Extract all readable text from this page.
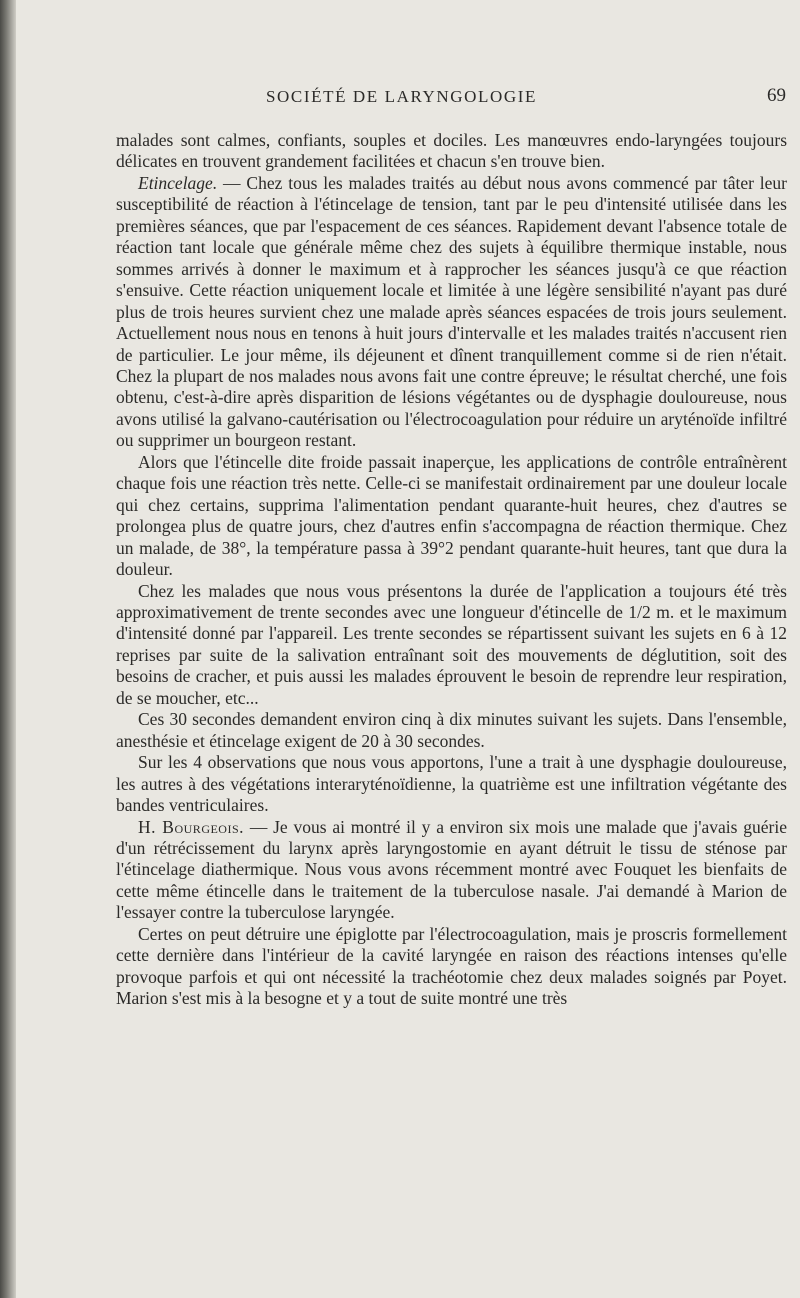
SOCIÉTÉ DE LARYNGOLOGIE	69

malades sont calmes, confiants, souples et dociles. Les manœuvres endo-laryngées toujours délicates en trouvent grandement facilitées et chacun s'en trouve bien.

Etincelage. — Chez tous les malades traités au début nous avons commencé par tâter leur susceptibilité de réaction à l'étincelage de tension, tant par le peu d'intensité utilisée dans les premières séances, que par l'espacement de ces séances. Rapidement devant l'absence totale de réaction tant locale que générale même chez des sujets à équilibre thermique instable, nous sommes arrivés à donner le maximum et à rapprocher les séances jusqu'à ce que réaction s'ensuive. Cette réaction uniquement locale et limitée à une légère sensibilité n'ayant pas duré plus de trois heures survient chez une malade après séances espacées de trois jours seulement. Actuellement nous nous en tenons à huit jours d'intervalle et les malades traités n'accusent rien de particulier. Le jour même, ils déjeunent et dînent tranquillement comme si de rien n'était. Chez la plupart de nos malades nous avons fait une contre épreuve; le résultat cherché, une fois obtenu, c'est-à-dire après disparition de lésions végétantes ou de dysphagie douloureuse, nous avons utilisé la galvano-cautérisation ou l'électrocoagulation pour réduire un aryténoïde infiltré ou supprimer un bourgeon restant.

Alors que l'étincelle dite froide passait inaperçue, les applications de contrôle entraînèrent chaque fois une réaction très nette. Celle-ci se manifestait ordinairement par une douleur locale qui chez certains, supprima l'alimentation pendant quarante-huit heures, chez d'autres se prolongea plus de quatre jours, chez d'autres enfin s'accompagna de réaction thermique. Chez un malade, de 38°, la température passa à 39°2 pendant quarante-huit heures, tant que dura la douleur.

Chez les malades que nous vous présentons la durée de l'application a toujours été très approximativement de trente secondes avec une longueur d'étincelle de 1/2 m. et le maximum d'intensité donné par l'appareil. Les trente secondes se répartissent suivant les sujets en 6 à 12 reprises par suite de la salivation entraînant soit des mouvements de déglutition, soit des besoins de cracher, et puis aussi les malades éprouvent le besoin de reprendre leur respiration, de se moucher, etc...

Ces 30 secondes demandent environ cinq à dix minutes suivant les sujets. Dans l'ensemble, anesthésie et étincelage exigent de 20 à 30 secondes.

Sur les 4 observations que nous vous apportons, l'une a trait à une dysphagie douloureuse, les autres à des végétations interaryténoïdienne, la quatrième est une infiltration végétante des bandes ventriculaires.

H. Bourgeois. — Je vous ai montré il y a environ six mois une malade que j'avais guérie d'un rétrécissement du larynx après laryngostomie en ayant détruit le tissu de sténose par l'étincelage diathermique. Nous vous avons récemment montré avec Fouquet les bienfaits de cette même étincelle dans le traitement de la tuberculose nasale. J'ai demandé à Marion de l'essayer contre la tuberculose laryngée.

Certes on peut détruire une épiglotte par l'électrocoagulation, mais je proscris formellement cette dernière dans l'intérieur de la cavité laryngée en raison des réactions intenses qu'elle provoque parfois et qui ont nécessité la trachéotomie chez deux malades soignés par Poyet. Marion s'est mis à la besogne et y a tout de suite montré une très
